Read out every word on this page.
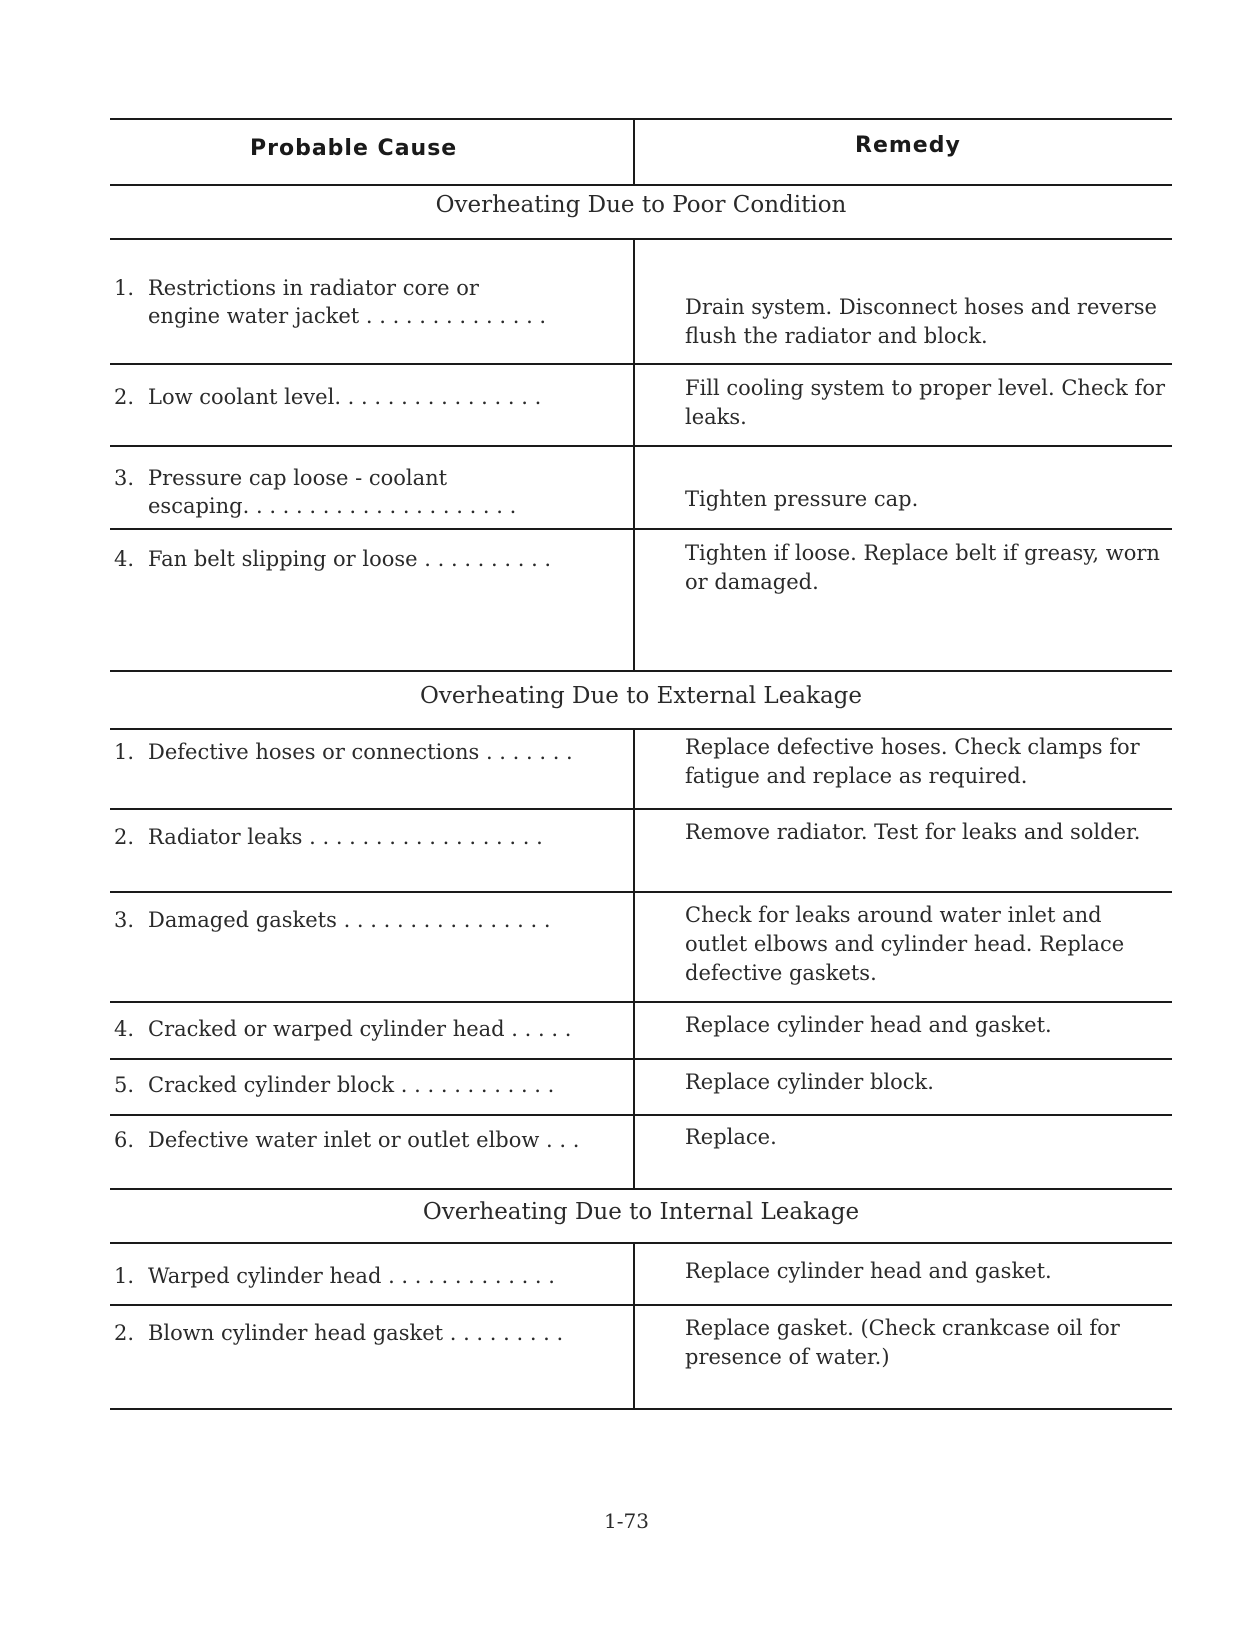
Probable Cause	Remedy
Overheating Due to Poor Condition
1. Restrictions in radiator core or
engine water jacket . . . . . . . . . . . . . .	Drain system. Disconnect hoses and reverse flush the radiator and block.
2. Low coolant level. . . . . . . . . . . . . . . .	Fill cooling system to proper level. Check for leaks.
3. Pressure cap loose - coolant
escaping. . . . . . . . . . . . . . . . . . . . .	Tighten pressure cap.
4. Fan belt slipping or loose . . . . . . . . . .	Tighten if loose. Replace belt if greasy, worn or damaged.
Overheating Due to External Leakage
1. Defective hoses or connections . . . . . . .	Replace defective hoses. Check clamps for fatigue and replace as required.
2. Radiator leaks . . . . . . . . . . . . . . . . . .	Remove radiator. Test for leaks and solder.
3. Damaged gaskets . . . . . . . . . . . . . . . .	Check for leaks around water inlet and outlet elbows and cylinder head. Replace defective gaskets.
4. Cracked or warped cylinder head . . . . .	Replace cylinder head and gasket.
5. Cracked cylinder block . . . . . . . . . . . .	Replace cylinder block.
6. Defective water inlet or outlet elbow . . .	Replace.
Overheating Due to Internal Leakage
1. Warped cylinder head . . . . . . . . . . . . .	Replace cylinder head and gasket.
2. Blown cylinder head gasket . . . . . . . . .	Replace gasket. (Check crankcase oil for presence of water.)
1-73
